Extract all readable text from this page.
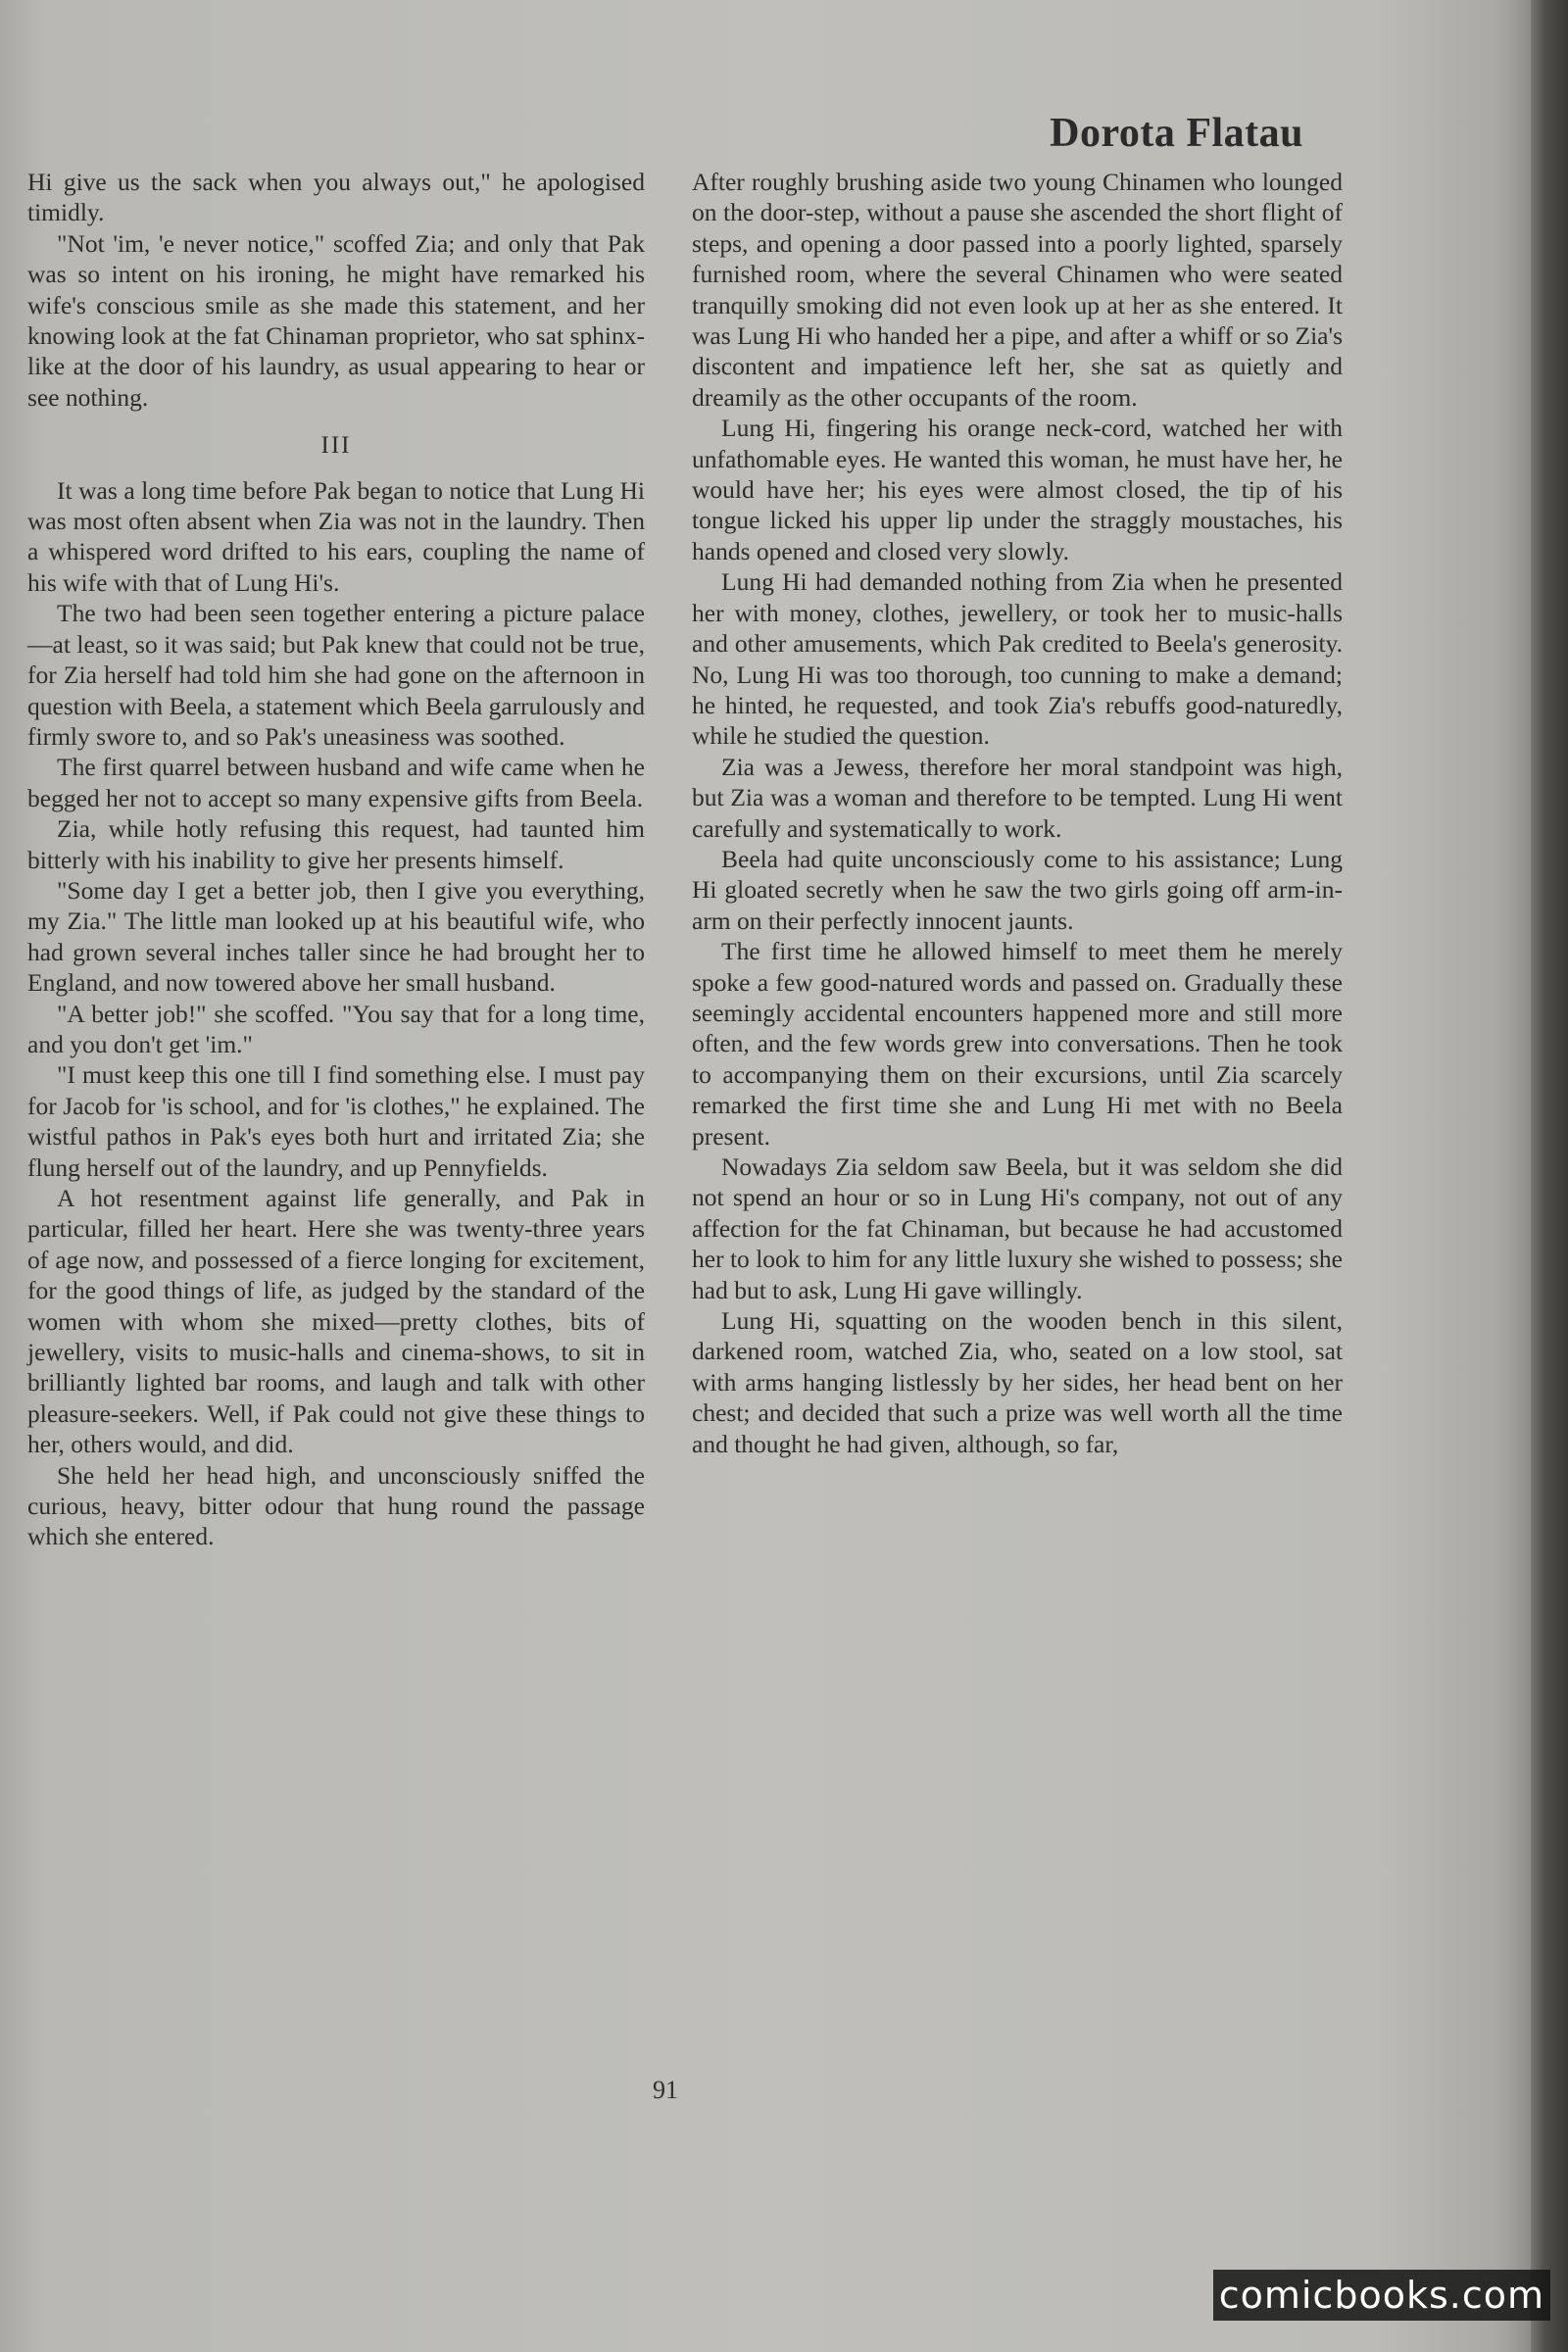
Dorota Flatau

Hi give us the sack when you always out," he apologised timidly.

"Not 'im, 'e never notice," scoffed Zia; and only that Pak was so intent on his ironing, he might have remarked his wife's conscious smile as she made this statement, and her knowing look at the fat Chinaman proprietor, who sat sphinx-like at the door of his laundry, as usual appearing to hear or see nothing.

III

It was a long time before Pak began to notice that Lung Hi was most often absent when Zia was not in the laundry. Then a whispered word drifted to his ears, coupling the name of his wife with that of Lung Hi's.

The two had been seen together entering a picture palace—at least, so it was said; but Pak knew that could not be true, for Zia herself had told him she had gone on the afternoon in question with Beela, a statement which Beela garrulously and firmly swore to, and so Pak's uneasiness was soothed.

The first quarrel between husband and wife came when he begged her not to accept so many expensive gifts from Beela.

Zia, while hotly refusing this request, had taunted him bitterly with his inability to give her presents himself.

"Some day I get a better job, then I give you everything, my Zia." The little man looked up at his beautiful wife, who had grown several inches taller since he had brought her to England, and now towered above her small husband.

"A better job!" she scoffed. "You say that for a long time, and you don't get 'im."

"I must keep this one till I find something else. I must pay for Jacob for 'is school, and for 'is clothes," he explained. The wistful pathos in Pak's eyes both hurt and irritated Zia; she flung herself out of the laundry, and up Pennyfields.

A hot resentment against life generally, and Pak in particular, filled her heart. Here she was twenty-three years of age now, and possessed of a fierce longing for excitement, for the good things of life, as judged by the standard of the women with whom she mixed—pretty clothes, bits of jewellery, visits to music-halls and cinema-shows, to sit in brilliantly lighted bar rooms, and laugh and talk with other pleasure-seekers. Well, if Pak could not give these things to her, others would, and did.

She held her head high, and unconsciously sniffed the curious, heavy, bitter odour that hung round the passage which she entered.

After roughly brushing aside two young Chinamen who lounged on the door-step, without a pause she ascended the short flight of steps, and opening a door passed into a poorly lighted, sparsely furnished room, where the several Chinamen who were seated tranquilly smoking did not even look up at her as she entered. It was Lung Hi who handed her a pipe, and after a whiff or so Zia's discontent and impatience left her, she sat as quietly and dreamily as the other occupants of the room.

Lung Hi, fingering his orange neck-cord, watched her with unfathomable eyes. He wanted this woman, he must have her, he would have her; his eyes were almost closed, the tip of his tongue licked his upper lip under the straggly moustaches, his hands opened and closed very slowly.

Lung Hi had demanded nothing from Zia when he presented her with money, clothes, jewellery, or took her to music-halls and other amusements, which Pak credited to Beela's generosity. No, Lung Hi was too thorough, too cunning to make a demand; he hinted, he requested, and took Zia's rebuffs good-naturedly, while he studied the question.

Zia was a Jewess, therefore her moral standpoint was high, but Zia was a woman and therefore to be tempted. Lung Hi went carefully and systematically to work.

Beela had quite unconsciously come to his assistance; Lung Hi gloated secretly when he saw the two girls going off arm-in-arm on their perfectly innocent jaunts.

The first time he allowed himself to meet them he merely spoke a few good-natured words and passed on. Gradually these seemingly accidental encounters happened more and still more often, and the few words grew into conversations. Then he took to accompanying them on their excursions, until Zia scarcely remarked the first time she and Lung Hi met with no Beela present.

Nowadays Zia seldom saw Beela, but it was seldom she did not spend an hour or so in Lung Hi's company, not out of any affection for the fat Chinaman, but because he had accustomed her to look to him for any little luxury she wished to possess; she had but to ask, Lung Hi gave willingly.

Lung Hi, squatting on the wooden bench in this silent, darkened room, watched Zia, who, seated on a low stool, sat with arms hanging listlessly by her sides, her head bent on her chest; and decided that such a prize was well worth all the time and thought he had given, although, so far,

91
comicbooks.com
